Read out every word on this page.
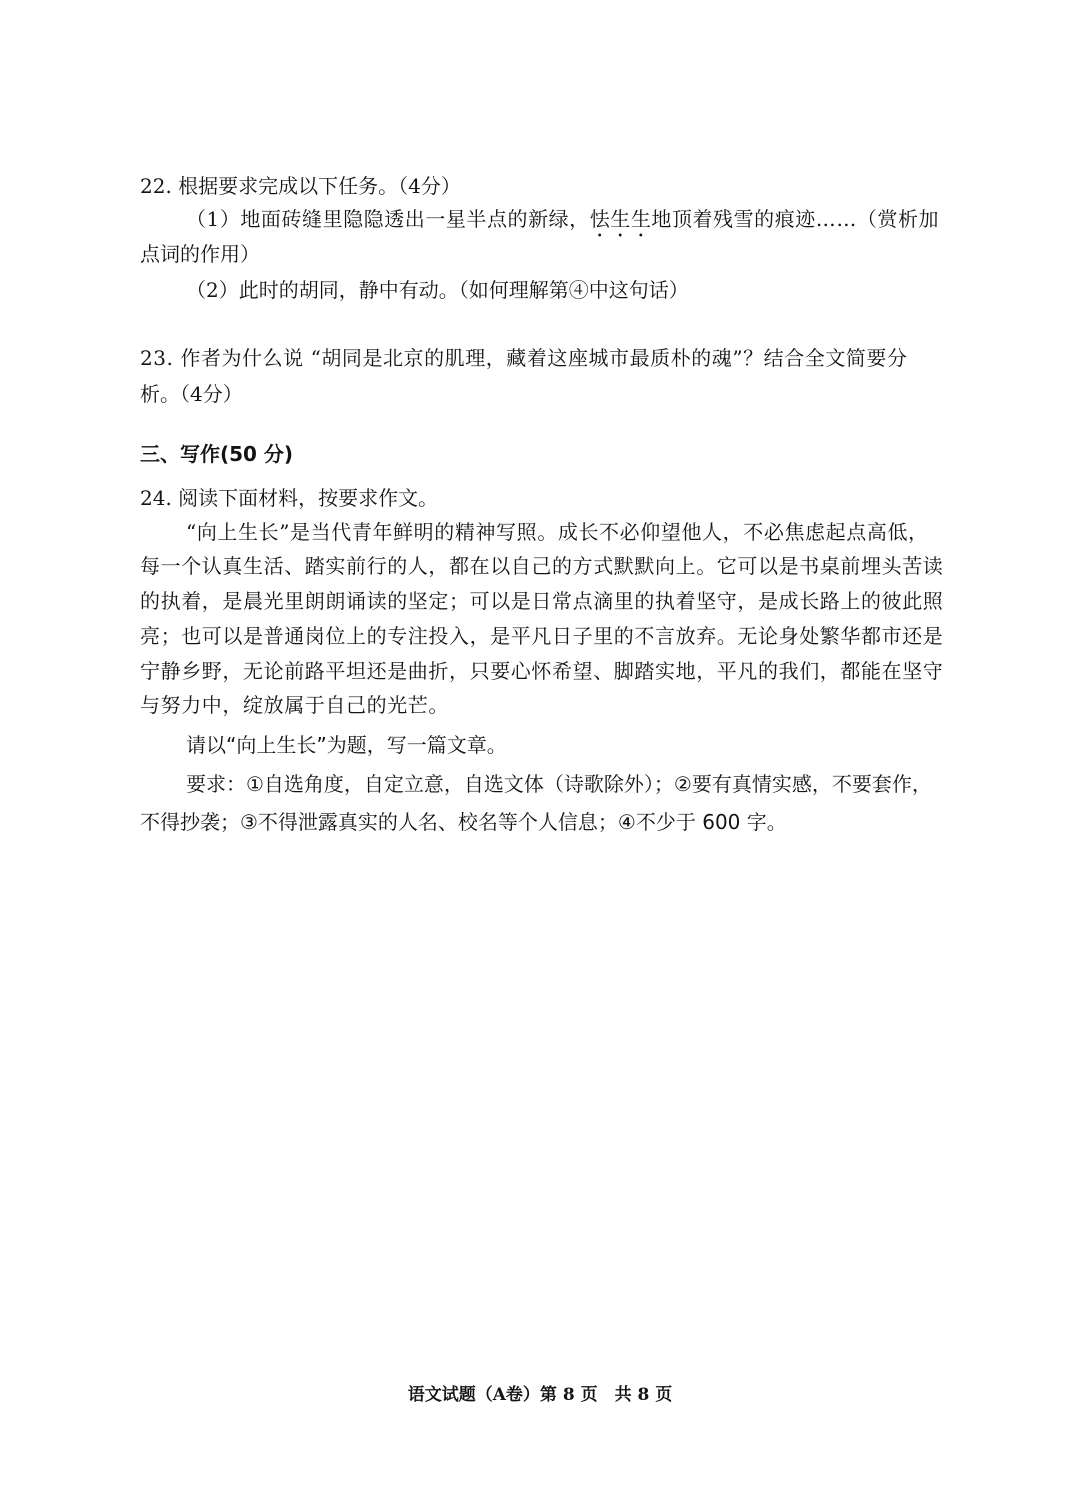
22. 根据要求完成以下任务。（4分）
（1）地面砖缝里隐隐透出一星半点的新绿，怯生生地顶着残雪的痕迹……（赏析加
点词的作用）
（2）此时的胡同，静中有动。（如何理解第④中这句话）
23. 作者为什么说 “胡同是北京的肌理，藏着这座城市最质朴的魂”？结合全文简要分
析。（4分）
三、写作(50 分)
24. 阅读下面材料，按要求作文。
“向上生长”是当代青年鲜明的精神写照。成长不必仰望他人，不必焦虑起点高低，
每一个认真生活、踏实前行的人，都在以自己的方式默默向上。它可以是书桌前埋头苦读
的执着，是晨光里朗朗诵读的坚定；可以是日常点滴里的执着坚守，是成长路上的彼此照
亮；也可以是普通岗位上的专注投入，是平凡日子里的不言放弃。无论身处繁华都市还是
宁静乡野，无论前路平坦还是曲折，只要心怀希望、脚踏实地，平凡的我们，都能在坚守
与努力中，绽放属于自己的光芒。
请以“向上生长”为题，写一篇文章。
要求：①自选角度，自定立意，自选文体（诗歌除外）；②要有真情实感，不要套作，
不得抄袭；③不得泄露真实的人名、校名等个人信息；④不少于 600 字。
语文试题（A卷）第 8 页　共 8 页
